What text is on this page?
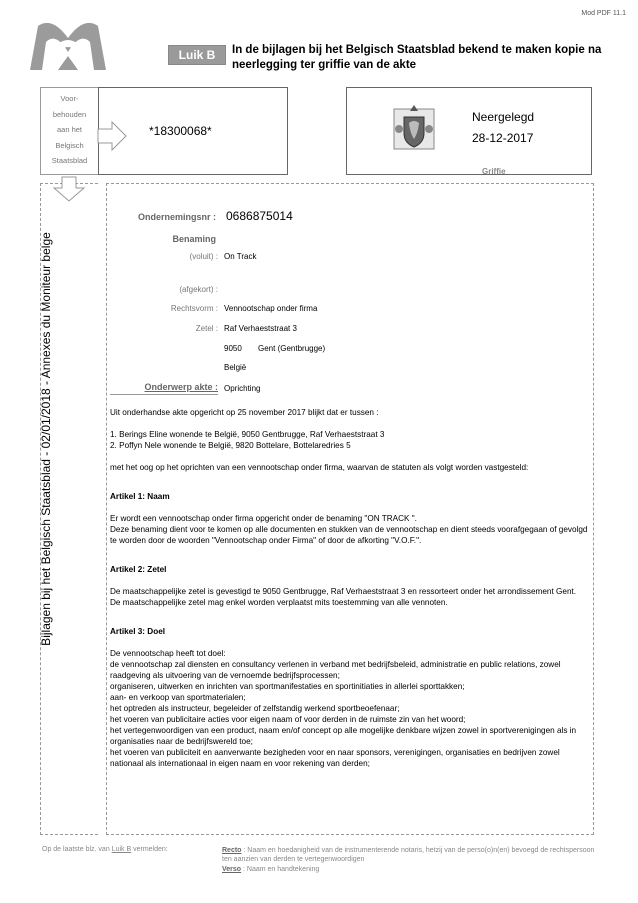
Mod PDF 11.1
Luik B	In de bijlagen bij het Belgisch Staatsblad bekend te maken kopie na neerlegging ter griffie van de akte
Voor-
behouden
aan het
Belgisch
Staatsblad
*18300068*
Neergelegd
28-12-2017
Griffie
Bijlagen bij het Belgisch Staatsblad - 02/01/2018 - Annexes du Moniteur belge
Ondernemingsnr : 0686875014
Benaming
(voluit) : On Track
(afgekort) :
Rechtsvorm : Vennootschap onder firma
Zetel : Raf Verhaeststraat 3
9050 Gent (Gentbrugge)
België
Onderwerp akte : Oprichting

Uit onderhandse akte opgericht op 25 november 2017 blijkt dat er tussen :

1. Berings Eline wonende te België, 9050 Gentbrugge, Raf Verhaeststraat 3

2. Poffyn Nele wonende te België, 9820 Bottelare, Bottelaredries 5

met het oog op het oprichten van een vennootschap onder firma, waarvan de statuten als volgt worden vastgesteld:

Artikel 1: Naam

Er wordt een vennootschap onder firma opgericht onder de benaming "ON TRACK ".

Deze benaming dient voor te komen op alle documenten en stukken van de vennootschap en dient steeds voorafgegaan of gevolgd te worden door de woorden "Vennootschap onder Firma" of door de afkorting "V.O.F.".

Artikel 2: Zetel

De maatschappelijke zetel is gevestigd te 9050 Gentbrugge, Raf Verhaeststraat 3 en ressorteert onder het arrondissement Gent. De maatschappelijke zetel mag enkel worden verplaatst mits toestemming van alle vennoten.

Artikel 3: Doel

De vennootschap heeft tot doel:
de vennootschap zal diensten en consultancy verlenen in verband met bedrijfsbeleid, administratie en public relations, zowel raadgeving als uitvoering van de vernoemde bedrijfsprocessen;
organiseren, uitwerken en inrichten van sportmanifestaties en sportinitiaties in allerlei sporttakken;
aan- en verkoop van sportmaterialen;
het optreden als instructeur, begeleider of zelfstandig werkend sportbeoefenaar;
het voeren van publicitaire acties voor eigen naam of voor derden in de ruimste zin van het woord;
het vertegenwoordigen van een product, naam en/of concept op alle mogelijke denkbare wijzen zowel in sportverenigingen als in organisaties naar de bedrijfswereld toe;
het voeren van publiciteit en aanverwante bezigheden voor en naar sponsors, verenigingen, organisaties en bedrijven zowel nationaal als internationaal in eigen naam en voor rekening van derden;
Op de laatste blz. van Luik B vermelden:	Recto : Naam en hoedanigheid van de instrumenterende notaris, hetzij van de perso(o)n(en) bevoegd de rechtspersoon ten aanzien van derden te vertegenwoordigen
Verso : Naam en handtekening
